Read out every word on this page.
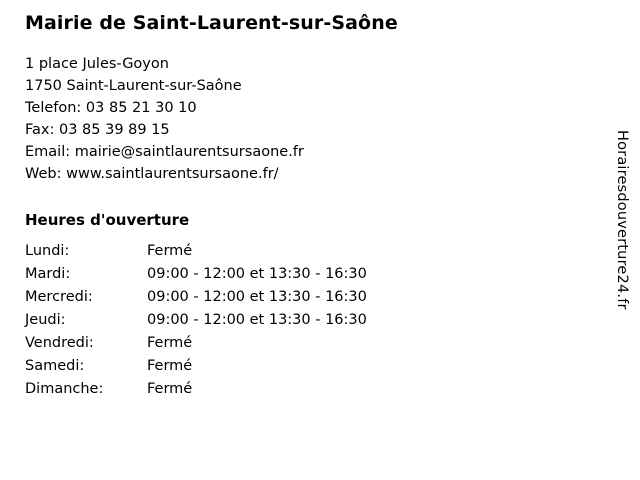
Mairie de Saint-Laurent-sur-Saône

1 place Jules-Goyon

1750 Saint-Laurent-sur-Saône

Telefon: 03 85 21 30 10

Fax: 03 85 39 89 15

Email: mairie@saintlaurentsursaone.fr

Web: www.saintlaurentsursaone.fr/

Heures d'ouverture
Lundi:	Fermé
Mardi:	09:00 - 12:00 et 13:30 - 16:30
Mercredi:	09:00 - 12:00 et 13:30 - 16:30
Jeudi:	09:00 - 12:00 et 13:30 - 16:30
Vendredi:	Fermé
Samedi:	Fermé
Dimanche:	Fermé
Horairesdouverture24.fr
